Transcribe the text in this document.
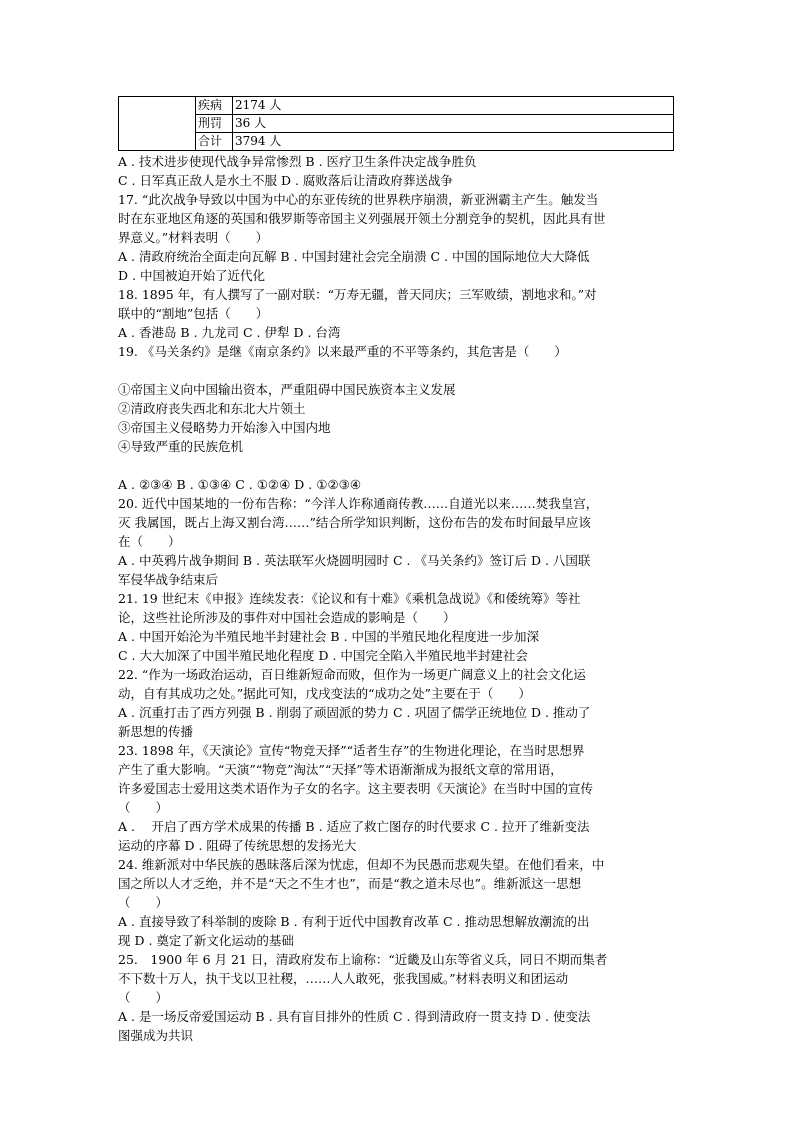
	疾病	2174 人
	刑罚	36 人
	合计	3794 人

A . 技术进步使现代战争异常惨烈 B . 医疗卫生条件决定战争胜负

C . 日军真正敌人是水土不服 D . 腐败落后让清政府葬送战争

17. “此次战争导致以中国为中心的东亚传统的世界秩序崩溃，新亚洲霸主产生。触发当

时在东亚地区角逐的英国和俄罗斯等帝国主义列强展开领土分割竞争的契机，因此具有世

界意义。”材料表明（　　）

A . 清政府统治全面走向瓦解 B . 中国封建社会完全崩溃 C . 中国的国际地位大大降低

D . 中国被迫开始了近代化

18. 1895 年，有人撰写了一副对联：“万寿无疆，普天同庆；三军败绩，割地求和。”对

联中的“割地”包括（　　）

A . 香港岛 B . 九龙司 C . 伊犁 D . 台湾

19. 《马关条约》是继《南京条约》以来最严重的不平等条约，其危害是（　　）

①帝国主义向中国输出资本，严重阻碍中国民族资本主义发展

②清政府丧失西北和东北大片领土

③帝国主义侵略势力开始渗入中国内地

④导致严重的民族危机

A . ②③④ B . ①③④ C . ①②④ D . ①②③④

20. 近代中国某地的一份布告称：“今洋人诈称通商传教……自道光以来……焚我皇宫，

灭 我属国，既占上海又割台湾……”结合所学知识判断，这份布告的发布时间最早应该

在（　　）

A . 中英鸦片战争期间 B . 英法联军火烧圆明园时 C . 《马关条约》签订后 D . 八国联

军侵华战争结束后

21. 19 世纪末《申报》连续发表：《论议和有十难》《乘机急战说》《和倭统筹》等社

论，这些社论所涉及的事件对中国社会造成的影响是（　　）

A . 中国开始沦为半殖民地半封建社会 B . 中国的半殖民地化程度进一步加深

C . 大大加深了中国半殖民地化程度 D . 中国完全陷入半殖民地半封建社会

22. “作为一场政治运动，百日维新短命而败，但作为一场更广阔意义上的社会文化运

动，自有其成功之处。”据此可知，戊戌变法的“成功之处”主要在于（　　）

A . 沉重打击了西方列强 B . 削弱了顽固派的势力 C . 巩固了儒学正统地位 D . 推动了

新思想的传播

23. 1898 年，《天演论》宣传“物竞天择”“适者生存”的生物进化理论，在当时思想界

产生了重大影响。“天演”“物竞”淘汰”“天择”等术语渐渐成为报纸文章的常用语，

许多爱国志士爱用这类术语作为子女的名字。这主要表明《天演论》在当时中国的宣传

（　　）

A .　 开启了西方学术成果的传播 B . 适应了救亡图存的时代要求 C . 拉开了维新变法

运动的序幕 D . 阻碍了传统思想的发扬光大

24. 维新派对中华民族的愚昧落后深为忧虑，但却不为民愚而悲观失望。在他们看来，中

国之所以人才乏绝，并不是“天之不生才也”，而是“教之道未尽也”。维新派这一思想

（　　）

A . 直接导致了科举制的废除 B . 有利于近代中国教育改革 C . 推动思想解放潮流的出

现 D . 奠定了新文化运动的基础

25.　1900 年 6 月 21 日，清政府发布上谕称：“近畿及山东等省义兵，同日不期而集者

不下数十万人，执干戈以卫社稷，……人人敢死，张我国威。”材料表明义和团运动

（　　）

A . 是一场反帝爱国运动 B . 具有盲目排外的性质 C . 得到清政府一贯支持 D . 使变法

图强成为共识
